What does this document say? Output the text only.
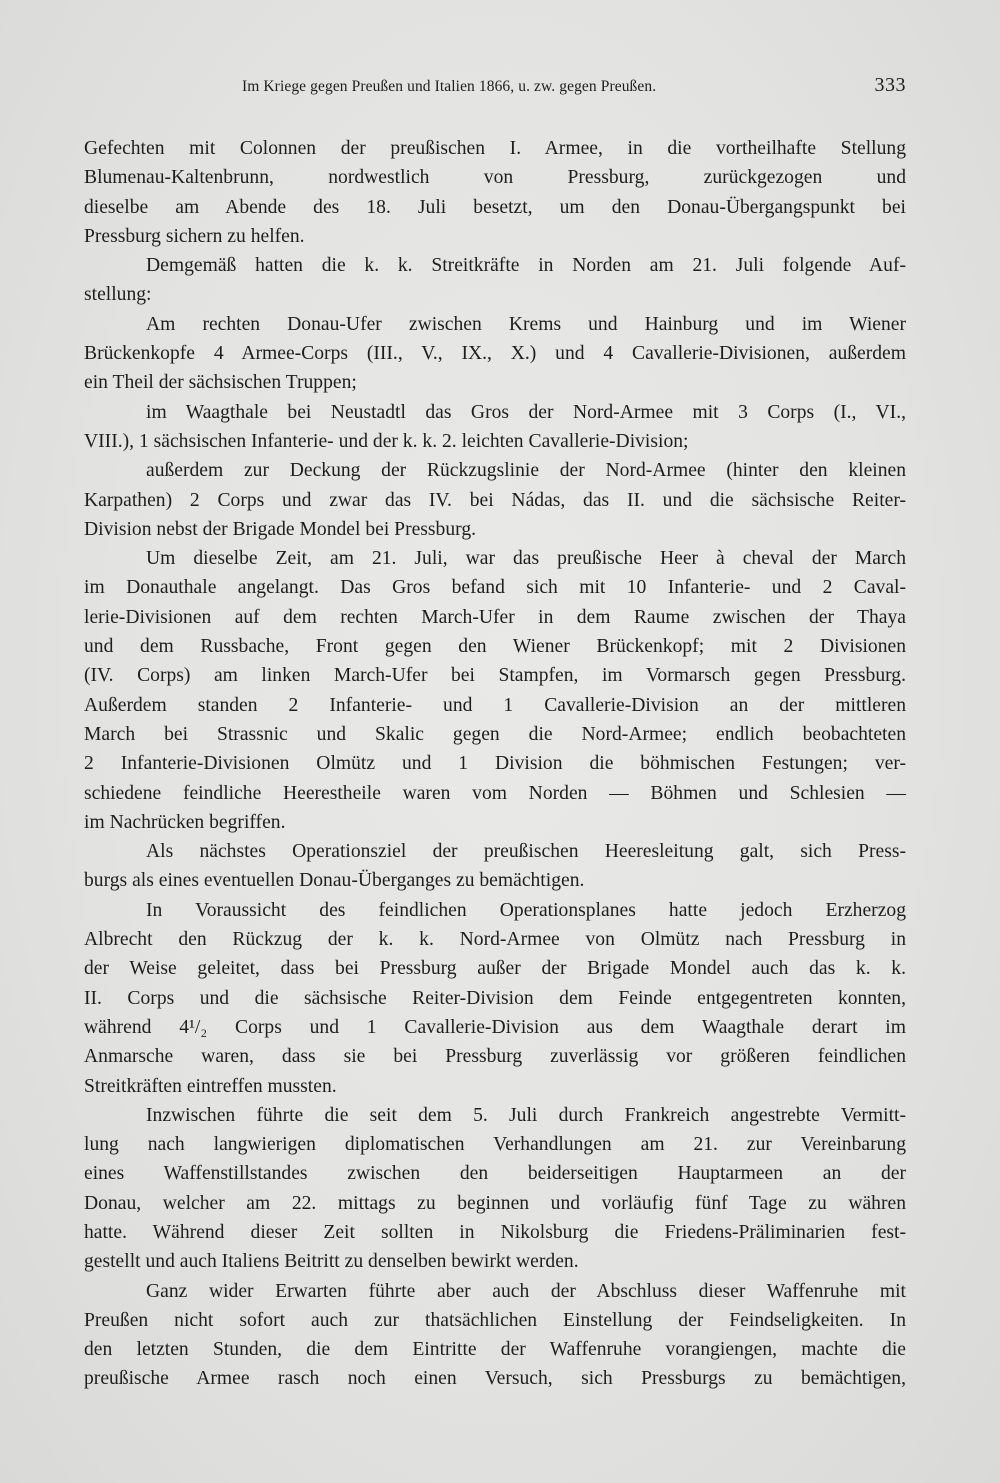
Im Kriege gegen Preußen und Italien 1866, u. zw. gegen Preußen.	333
Gefechten mit Colonnen der preußischen I. Armee, in die vortheilhafte Stellung
Blumenau-Kaltenbrunn, nordwestlich von Pressburg, zurückgezogen und
dieselbe am Abende des 18. Juli besetzt, um den Donau-Übergangspunkt bei
Pressburg sichern zu helfen.
Demgemäß hatten die k. k. Streitkräfte in Norden am 21. Juli folgende Auf-
stellung:
Am rechten Donau-Ufer zwischen Krems und Hainburg und im Wiener
Brückenkopfe 4 Armee-Corps (III., V., IX., X.) und 4 Cavallerie-Divisionen, außerdem
ein Theil der sächsischen Truppen;
im Waagthale bei Neustadtl das Gros der Nord-Armee mit 3 Corps (I., VI.,
VIII.), 1 sächsischen Infanterie- und der k. k. 2. leichten Cavallerie-Division;
außerdem zur Deckung der Rückzugslinie der Nord-Armee (hinter den kleinen
Karpathen) 2 Corps und zwar das IV. bei Nádas, das II. und die sächsische Reiter-
Division nebst der Brigade Mondel bei Pressburg.
Um dieselbe Zeit, am 21. Juli, war das preußische Heer à cheval der March
im Donauthale angelangt. Das Gros befand sich mit 10 Infanterie- und 2 Caval-
lerie-Divisionen auf dem rechten March-Ufer in dem Raume zwischen der Thaya
und dem Russbache, Front gegen den Wiener Brückenkopf; mit 2 Divisionen
(IV. Corps) am linken March-Ufer bei Stampfen, im Vormarsch gegen Pressburg.
Außerdem standen 2 Infanterie- und 1 Cavallerie-Division an der mittleren
March bei Strassnic und Skalic gegen die Nord-Armee; endlich beobachteten
2 Infanterie-Divisionen Olmütz und 1 Division die böhmischen Festungen; ver-
schiedene feindliche Heerestheile waren vom Norden — Böhmen und Schlesien —
im Nachrücken begriffen.
Als nächstes Operationsziel der preußischen Heeresleitung galt, sich Press-
burgs als eines eventuellen Donau-Überganges zu bemächtigen.
In Voraussicht des feindlichen Operationsplanes hatte jedoch Erzherzog
Albrecht den Rückzug der k. k. Nord-Armee von Olmütz nach Pressburg in
der Weise geleitet, dass bei Pressburg außer der Brigade Mondel auch das k. k.
II. Corps und die sächsische Reiter-Division dem Feinde entgegentreten konnten,
während 4¹/₂ Corps und 1 Cavallerie-Division aus dem Waagthale derart im
Anmarsche waren, dass sie bei Pressburg zuverlässig vor größeren feindlichen
Streitkräften eintreffen mussten.
Inzwischen führte die seit dem 5. Juli durch Frankreich angestrebte Vermitt-
lung nach langwierigen diplomatischen Verhandlungen am 21. zur Vereinbarung
eines Waffenstillstandes zwischen den beiderseitigen Hauptarmeen an der
Donau, welcher am 22. mittags zu beginnen und vorläufig fünf Tage zu währen
hatte. Während dieser Zeit sollten in Nikolsburg die Friedens-Präliminarien fest-
gestellt und auch Italiens Beitritt zu denselben bewirkt werden.
Ganz wider Erwarten führte aber auch der Abschluss dieser Waffenruhe mit
Preußen nicht sofort auch zur thatsächlichen Einstellung der Feindseligkeiten. In
den letzten Stunden, die dem Eintritte der Waffenruhe vorangiengen, machte die
preußische Armee rasch noch einen Versuch, sich Pressburgs zu bemächtigen,
